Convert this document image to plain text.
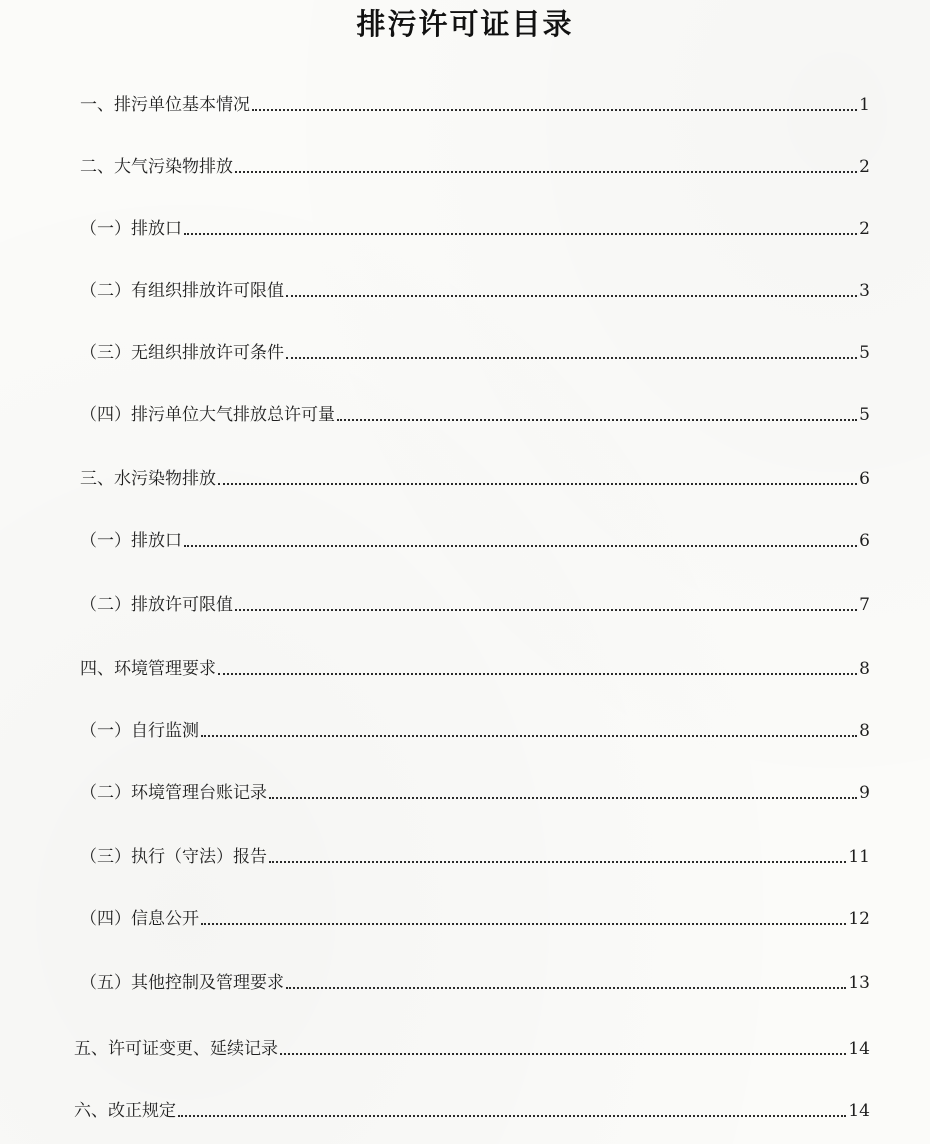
排污许可证目录
一、排污单位基本情况	1
二、大气污染物排放	2
（一）排放口	2
（二）有组织排放许可限值	3
（三）无组织排放许可条件	5
（四）排污单位大气排放总许可量	5
三、水污染物排放	6
（一）排放口	6
（二）排放许可限值	7
四、环境管理要求	8
（一）自行监测	8
（二）环境管理台账记录	9
（三）执行（守法）报告	11
（四）信息公开	12
（五）其他控制及管理要求	13
五、许可证变更、延续记录	14
六、改正规定	14
